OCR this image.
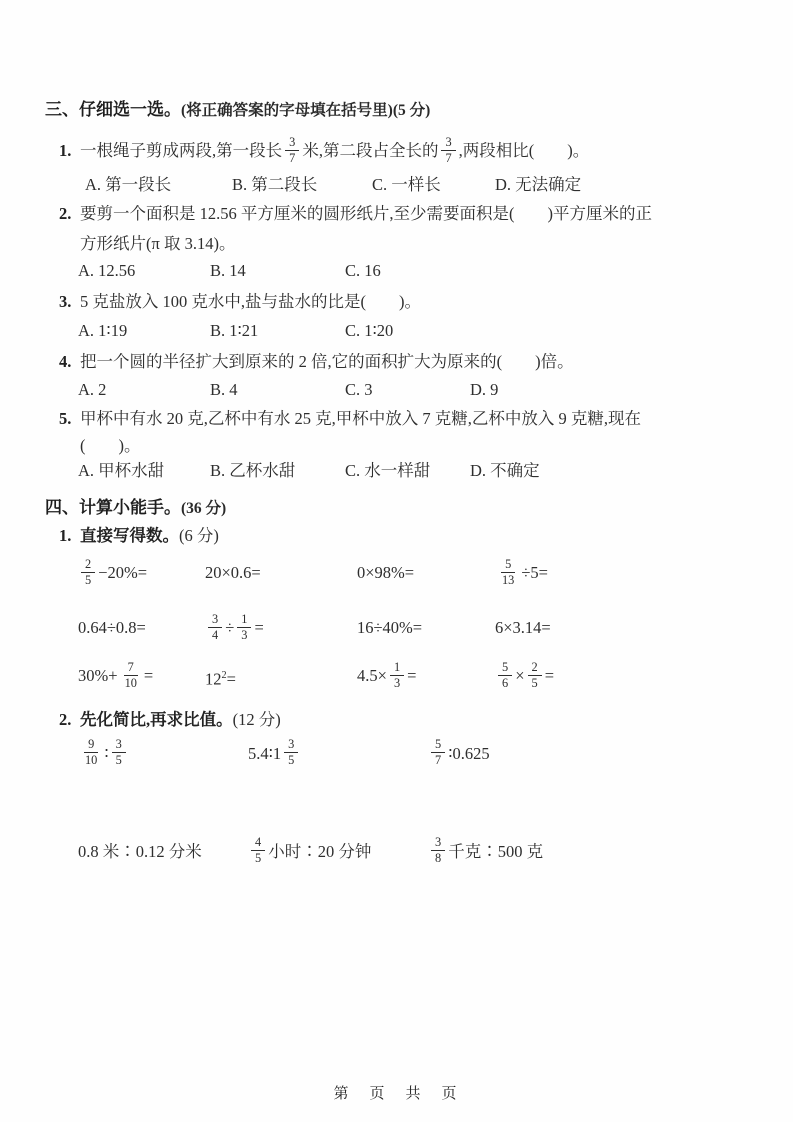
三、仔细选一选。(将正确答案的字母填在括号里)(5 分)
1. 一根绳子剪成两段,第一段长 $\frac{3}{7}$ 米,第二段占全长的 $\frac{3}{7}$ ,两段相比(　　)。
A. 第一段长	B. 第二段长	C. 一样长	D. 无法确定
2. 要剪一个面积是 12.56 平方厘米的圆形纸片,至少需要面积是(　　)平方厘米的正
方形纸片(π 取 3.14)。
A. 12.56	B. 14	C. 16
3. 5 克盐放入 100 克水中,盐与盐水的比是(　　)。
A. 1∶19	B. 1∶21	C. 1∶20
4. 把一个圆的半径扩大到原来的 2 倍,它的面积扩大为原来的(　　)倍。
A. 2	B. 4	C. 3	D. 9
5. 甲杯中有水 20 克,乙杯中有水 25 克,甲杯中放入 7 克糖,乙杯中放入 9 克糖,现在
(　　)。
A. 甲杯水甜	B. 乙杯水甜	C. 水一样甜	D. 不确定
四、计算小能手。(36 分)
1. 直接写得数。(6 分)
$\frac{2}{5} -20\%=$	20×0.6=	0×98%=	$\frac{5}{13} \div 5=$
0.64÷0.8=	$\frac{3}{4} \div \frac{1}{3}$ =	16÷40%=	6×3.14=
$30\%+ \frac{7}{10}$ =	$12^2=$	$4.5\times \frac{1}{3}$ =	$\frac{5}{6} \times \frac{2}{5}$ =
2. 先化简比,再求比值。(12 分)
$\frac{9}{10}$ ∶ $\frac{3}{5}$	5.4∶1 $\frac{3}{5}$	$\frac{5}{7}$ ∶0.625
0.8 米∶0.12 分米	$\frac{4}{5}$ 小时∶20 分钟	$\frac{3}{8}$ 千克∶500 克
第　页　共　页
